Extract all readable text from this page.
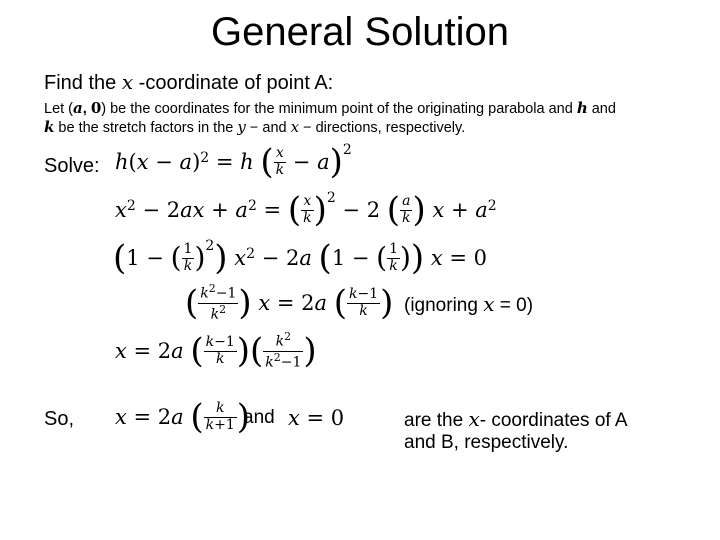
General Solution
Find the x -coordinate of point A:
Let (a, 0) be the coordinates for the minimum point of the originating parabola and h and
k be the stretch factors in the y − and x − directions, respectively.
Solve: h ( x − a ) 2 = h
( x
k − a ) 2
x 2 − 2 ax + a 2 = ( x
k ) 2 − 2 ( a
k )
x + a 2
( 1 − ( 1
k ) 2 )
x 2 − 2 a
( 1 − ( 1
k ) )
x = 0
( $k^2-1$
$k^2$ )
x = 2 a
( k−1
k ) (ignoring x = 0)
x = 2 a
( k−1
k ) ( $k^2$
$k^2-1$ )
So, x = 2 a
( k
k+1 )
and x = 0	are the x- coordinates of A
and B, respectively.
